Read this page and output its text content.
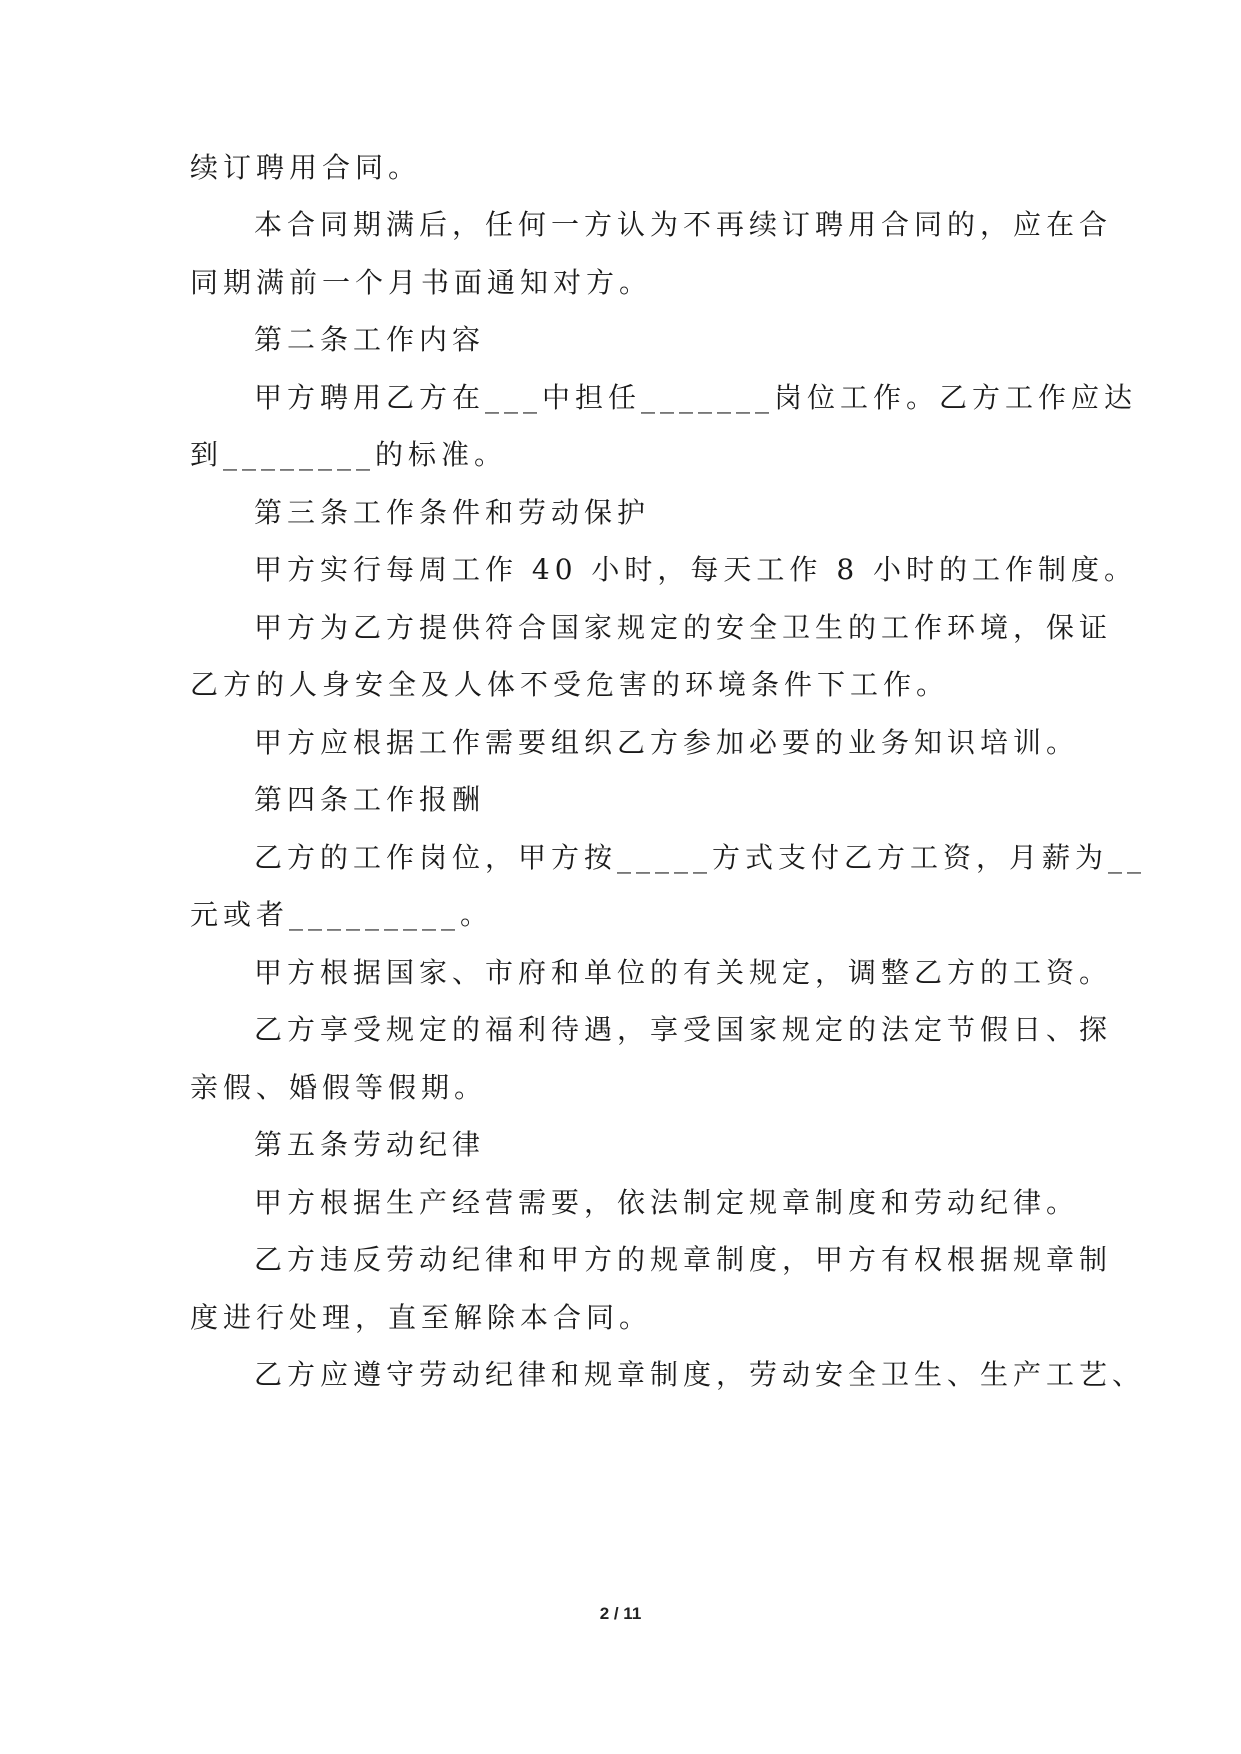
续订聘用合同。
本合同期满后，任何一方认为不再续订聘用合同的，应在合
同期满前一个月书面通知对方。
第二条工作内容
甲方聘用乙方在___中担任_______岗位工作。乙方工作应达
到________的标准。
第三条工作条件和劳动保护
甲方实行每周工作 40 小时，每天工作 8 小时的工作制度。
甲方为乙方提供符合国家规定的安全卫生的工作环境，保证
乙方的人身安全及人体不受危害的环境条件下工作。
甲方应根据工作需要组织乙方参加必要的业务知识培训。
第四条工作报酬
乙方的工作岗位，甲方按_____方式支付乙方工资，月薪为__
元或者_________。
甲方根据国家、市府和单位的有关规定，调整乙方的工资。
乙方享受规定的福利待遇，享受国家规定的法定节假日、探
亲假、婚假等假期。
第五条劳动纪律
甲方根据生产经营需要，依法制定规章制度和劳动纪律。
乙方违反劳动纪律和甲方的规章制度，甲方有权根据规章制
度进行处理，直至解除本合同。
乙方应遵守劳动纪律和规章制度，劳动安全卫生、生产工艺、
2 / 11
